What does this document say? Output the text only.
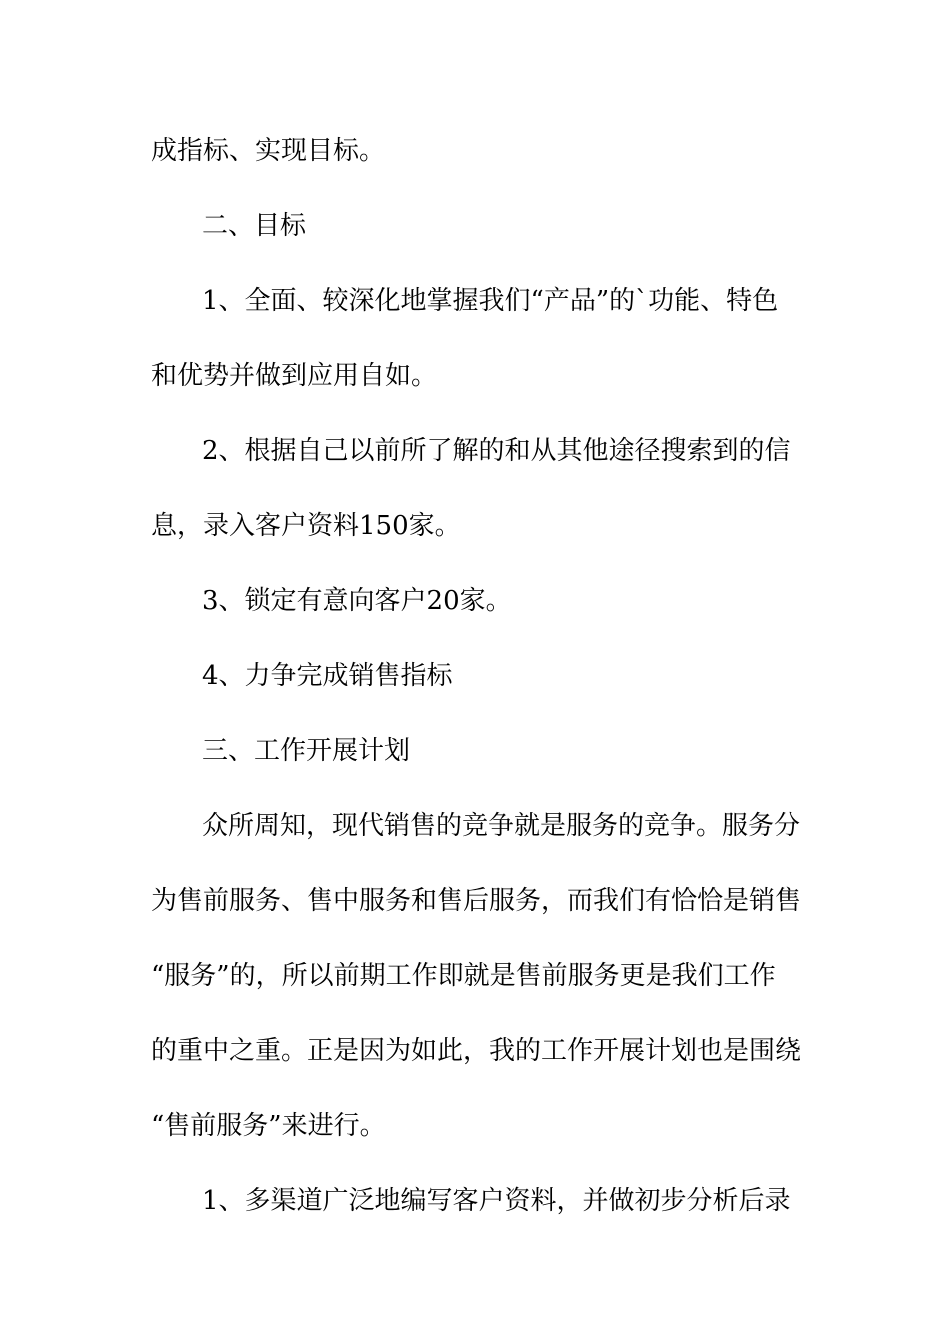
成指标、实现目标。
二、目标
1、全面、较深化地掌握我们“产品”的`功能、特色
和优势并做到应用自如。
2、根据自己以前所了解的和从其他途径搜索到的信
息，录入客户资料150家。
3、锁定有意向客户20家。
4、力争完成销售指标
三、工作开展计划
众所周知，现代销售的竞争就是服务的竞争。服务分
为售前服务、售中服务和售后服务，而我们有恰恰是销售
“服务”的，所以前期工作即就是售前服务更是我们工作
的重中之重。正是因为如此，我的工作开展计划也是围绕
“售前服务”来进行。
1、多渠道广泛地编写客户资料，并做初步分析后录
